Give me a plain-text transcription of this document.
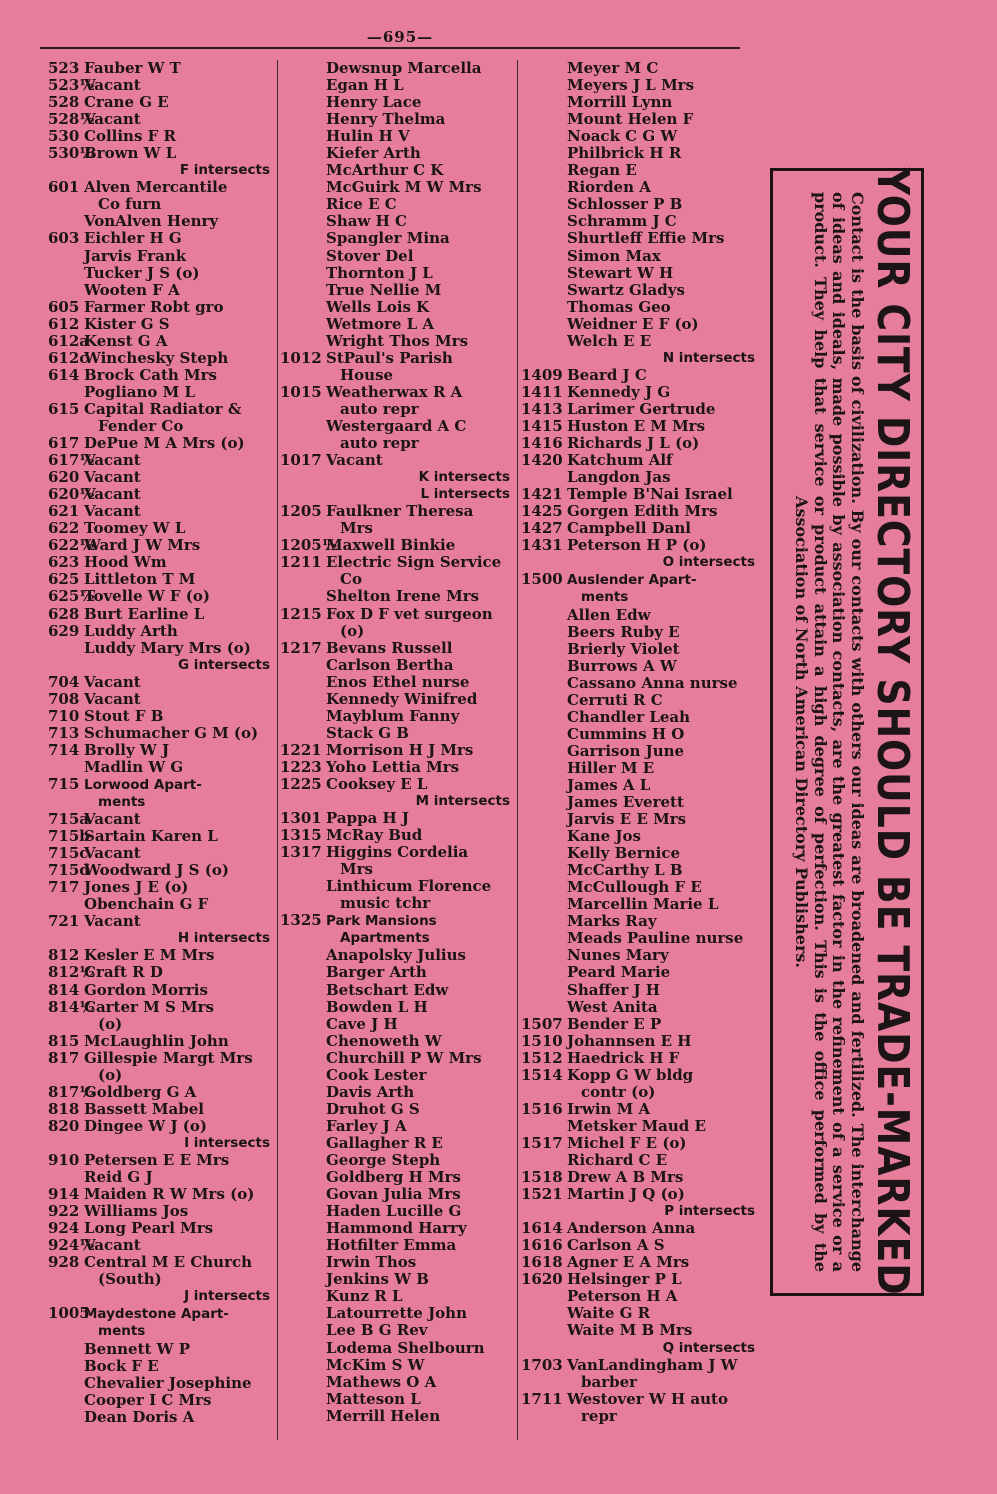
—695—
523 Fauber W T
523½Vacant
528 Crane G E
528½Vacant
530 Collins F R
530½Brown W L
F intersects
601 Alven Mercantile
Co furn
VonAlven Henry
603 Eichler H G
Jarvis Frank
Tucker J S (o)
Wooten F A
605 Farmer Robt gro
612 Kister G S
612aKenst G A
612cWinchesky Steph
614 Brock Cath Mrs
Pogliano M L
615 Capital Radiator &
Fender Co
617 DePue M A Mrs (o)
617½Vacant
620 Vacant
620½Vacant
621 Vacant
622 Toomey W L
622½Ward J W Mrs
623 Hood Wm
625 Littleton T M
625½Tovelle W F (o)
628 Burt Earline L
629 Luddy Arth
Luddy Mary Mrs (o)
G intersects
704 Vacant
708 Vacant
710 Stout F B
713 Schumacher G M (o)
714 Brolly W J
Madlin W G
715 Lorwood Apart-
ments
715aVacant
715bSartain Karen L
715cVacant
715dWoodward J S (o)
717 Jones J E (o)
Obenchain G F
721 Vacant
H intersects
812 Kesler E M Mrs
812½Craft R D
814 Gordon Morris
814½Carter M S Mrs
(o)
815 McLaughlin John
817 Gillespie Margt Mrs
(o)
817½Goldberg G A
818 Bassett Mabel
820 Dingee W J (o)
I intersects
910 Petersen E E Mrs
Reid G J
914 Maiden R W Mrs (o)
922 Williams Jos
924 Long Pearl Mrs
924½Vacant
928 Central M E Church
(South)
J intersects
1005Maydestone Apart-
ments
Bennett W P
Bock F E
Chevalier Josephine
Cooper I C Mrs
Dean Doris A
Dewsnup Marcella
Egan H L
Henry Lace
Henry Thelma
Hulin H V
Kiefer Arth
McArthur C K
McGuirk M W Mrs
Rice E C
Shaw H C
Spangler Mina
Stover Del
Thornton J L
True Nellie M
Wells Lois K
Wetmore L A
Wright Thos Mrs
1012 StPaul's Parish
House
1015 Weatherwax R A
auto repr
Westergaard A C
auto repr
1017 Vacant
K intersects
L intersects
1205 Faulkner Theresa
Mrs
1205½Maxwell Binkie
1211 Electric Sign Service
Co
Shelton Irene Mrs
1215 Fox D F vet surgeon
(o)
1217 Bevans Russell
Carlson Bertha
Enos Ethel nurse
Kennedy Winifred
Mayblum Fanny
Stack G B
1221 Morrison H J Mrs
1223 Yoho Lettia Mrs
1225 Cooksey E L
M intersects
1301 Pappa H J
1315 McRay Bud
1317 Higgins Cordelia
Mrs
Linthicum Florence
music tchr
1325 Park Mansions
Apartments
Anapolsky Julius
Barger Arth
Betschart Edw
Bowden L H
Cave J H
Chenoweth W
Churchill P W Mrs
Cook Lester
Davis Arth
Druhot G S
Farley J A
Gallagher R E
George Steph
Goldberg H Mrs
Govan Julia Mrs
Haden Lucille G
Hammond Harry
Hotfilter Emma
Irwin Thos
Jenkins W B
Kunz R L
Latourrette John
Lee B G Rev
Lodema Shelbourn
McKim S W
Mathews O A
Matteson L
Merrill Helen
Meyer M C
Meyers J L Mrs
Morrill Lynn
Mount Helen F
Noack C G W
Philbrick H R
Regan E
Riorden A
Schlosser P B
Schramm J C
Shurtleff Effie Mrs
Simon Max
Stewart W H
Swartz Gladys
Thomas Geo
Weidner E F (o)
Welch E E
N intersects
1409 Beard J C
1411 Kennedy J G
1413 Larimer Gertrude
1415 Huston E M Mrs
1416 Richards J L (o)
1420 Katchum Alf
Langdon Jas
1421 Temple B'Nai Israel
1425 Gorgen Edith Mrs
1427 Campbell Danl
1431 Peterson H P (o)
O intersects
1500 Auslender Apart-
ments
Allen Edw
Beers Ruby E
Brierly Violet
Burrows A W
Cassano Anna nurse
Cerruti R C
Chandler Leah
Cummins H O
Garrison June
Hiller M E
James A L
James Everett
Jarvis E E Mrs
Kane Jos
Kelly Bernice
McCarthy L B
McCullough F E
Marcellin Marie L
Marks Ray
Meads Pauline nurse
Nunes Mary
Peard Marie
Shaffer J H
West Anita
1507 Bender E P
1510 Johannsen E H
1512 Haedrick H F
1514 Kopp G W bldg
contr (o)
1516 Irwin M A
Metsker Maud E
1517 Michel F E (o)
Richard C E
1518 Drew A B Mrs
1521 Martin J Q (o)
P intersects
1614 Anderson Anna
1616 Carlson A S
1618 Agner E A Mrs
1620 Helsinger P L
Peterson H A
Waite G R
Waite M B Mrs
Q intersects
1703 VanLandingham J W
barber
1711 Westover W H auto
repr
YOUR CITY DIRECTORY SHOULD BE TRADE-MARKED
Contact is the basis of civilization. By our contacts with others our ideas are broadened and fertilized. The interchange of ideas and ideals, made possible by association contacts, are the greatest factor in the refinement of a service or a product. They help that service or product attain a high degree of perfection. This is the office performed by the Association of North American Directory Publishers.
